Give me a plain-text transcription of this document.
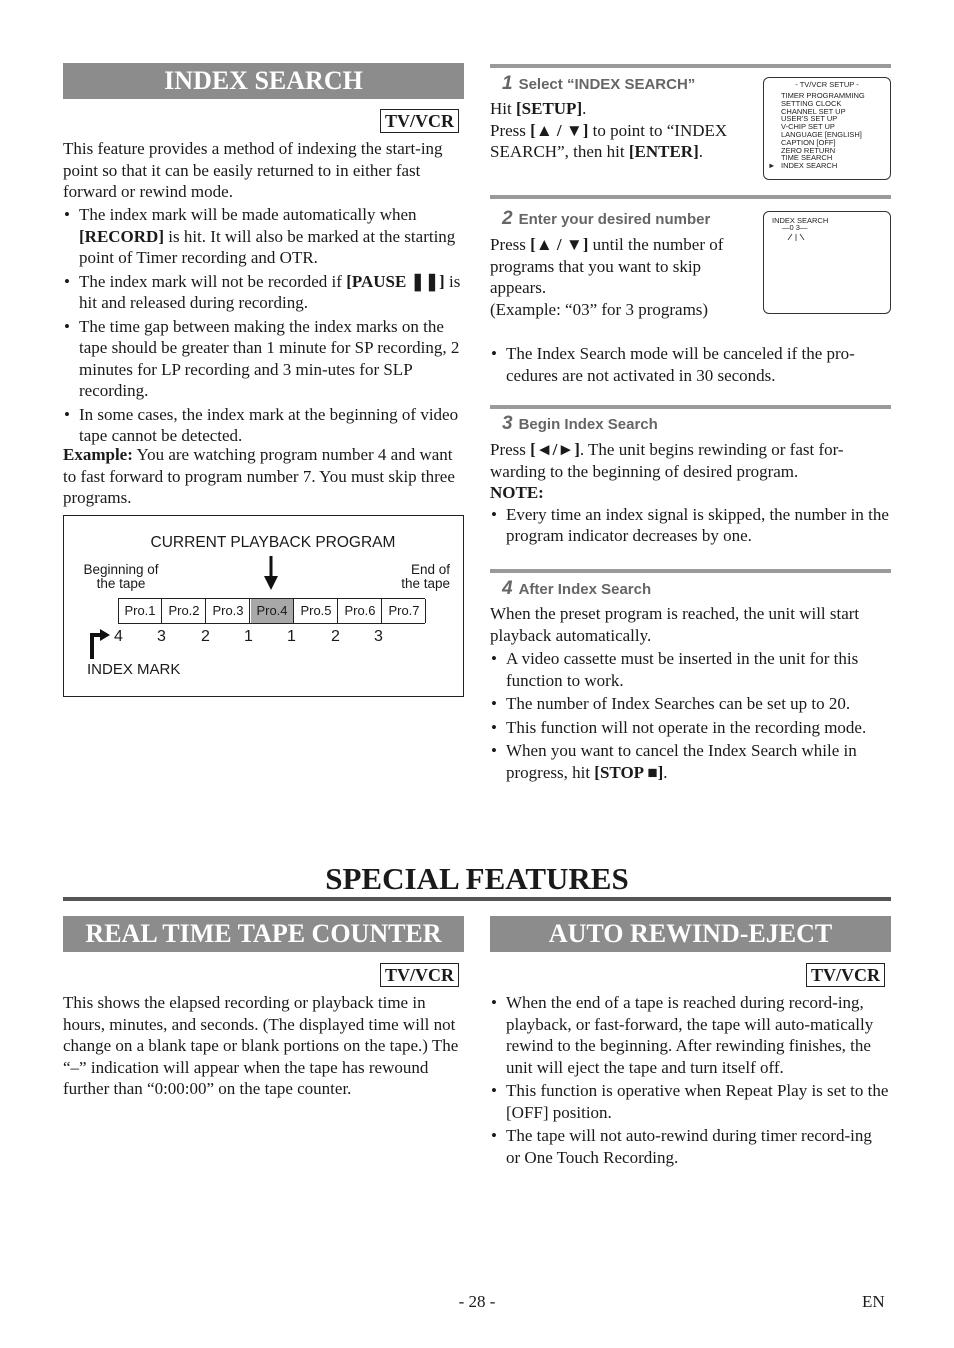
INDEX SEARCH
TV/VCR
This feature provides a method of indexing the start-ing point so that it can be easily returned to in either fast forward or rewind mode.
• The index mark will be made automatically when [RECORD] is hit. It will also be marked at the starting point of Timer recording and OTR.
• The index mark will not be recorded if [PAUSE ❚❚] is hit and released during recording.
• The time gap between making the index marks on the tape should be greater than 1 minute for SP recording, 2 minutes for LP recording and 3 min-utes for SLP recording.
• In some cases, the index mark at the beginning of video tape cannot be detected.
Example: You are watching program number 4 and want to fast forward to program number 7. You must skip three programs.
CURRENT PLAYBACK PROGRAM
Beginning of the tape
End of the tape
Pro.1 Pro.2 Pro.3 Pro.4 Pro.5 Pro.6 Pro.7
4 3 2 1 1 2 3
INDEX MARK
1 Select “INDEX SEARCH”
Hit [SETUP].
Press [▲ / ▼] to point to “INDEX SEARCH”, then hit [ENTER].
- TV/VCR SETUP -
TIMER PROGRAMMING
SETTING CLOCK
CHANNEL SET UP
USER'S SET UP
V-CHIP SET UP
LANGUAGE [ENGLISH]
CAPTION [OFF]
ZERO RETURN
TIME SEARCH
INDEX SEARCH
►
2 Enter your desired number
Press [▲ / ▼] until the number of programs that you want to skip appears.
(Example: “03” for 3 programs)
INDEX SEARCH
—0 3—
• The Index Search mode will be canceled if the pro-cedures are not activated in 30 seconds.
3 Begin Index Search
Press [◄/►]. The unit begins rewinding or fast for-warding to the beginning of desired program.
NOTE:
• Every time an index signal is skipped, the number in the program indicator decreases by one.
4 After Index Search
When the preset program is reached, the unit will start playback automatically.
• A video cassette must be inserted in the unit for this function to work.
• The number of Index Searches can be set up to 20.
• This function will not operate in the recording mode.
• When you want to cancel the Index Search while in progress, hit [STOP ■].
SPECIAL FEATURES
REAL TIME TAPE COUNTER
TV/VCR
This shows the elapsed recording or playback time in hours, minutes, and seconds. (The displayed time will not change on a blank tape or blank portions on the tape.) The “–” indication will appear when the tape has rewound further than “0:00:00” on the tape counter.
AUTO REWIND-EJECT
TV/VCR
• When the end of a tape is reached during record-ing, playback, or fast-forward, the tape will auto-matically rewind to the beginning. After rewinding finishes, the unit will eject the tape and turn itself off.
• This function is operative when Repeat Play is set to the [OFF] position.
• The tape will not auto-rewind during timer record-ing or One Touch Recording.
- 28 -	EN
